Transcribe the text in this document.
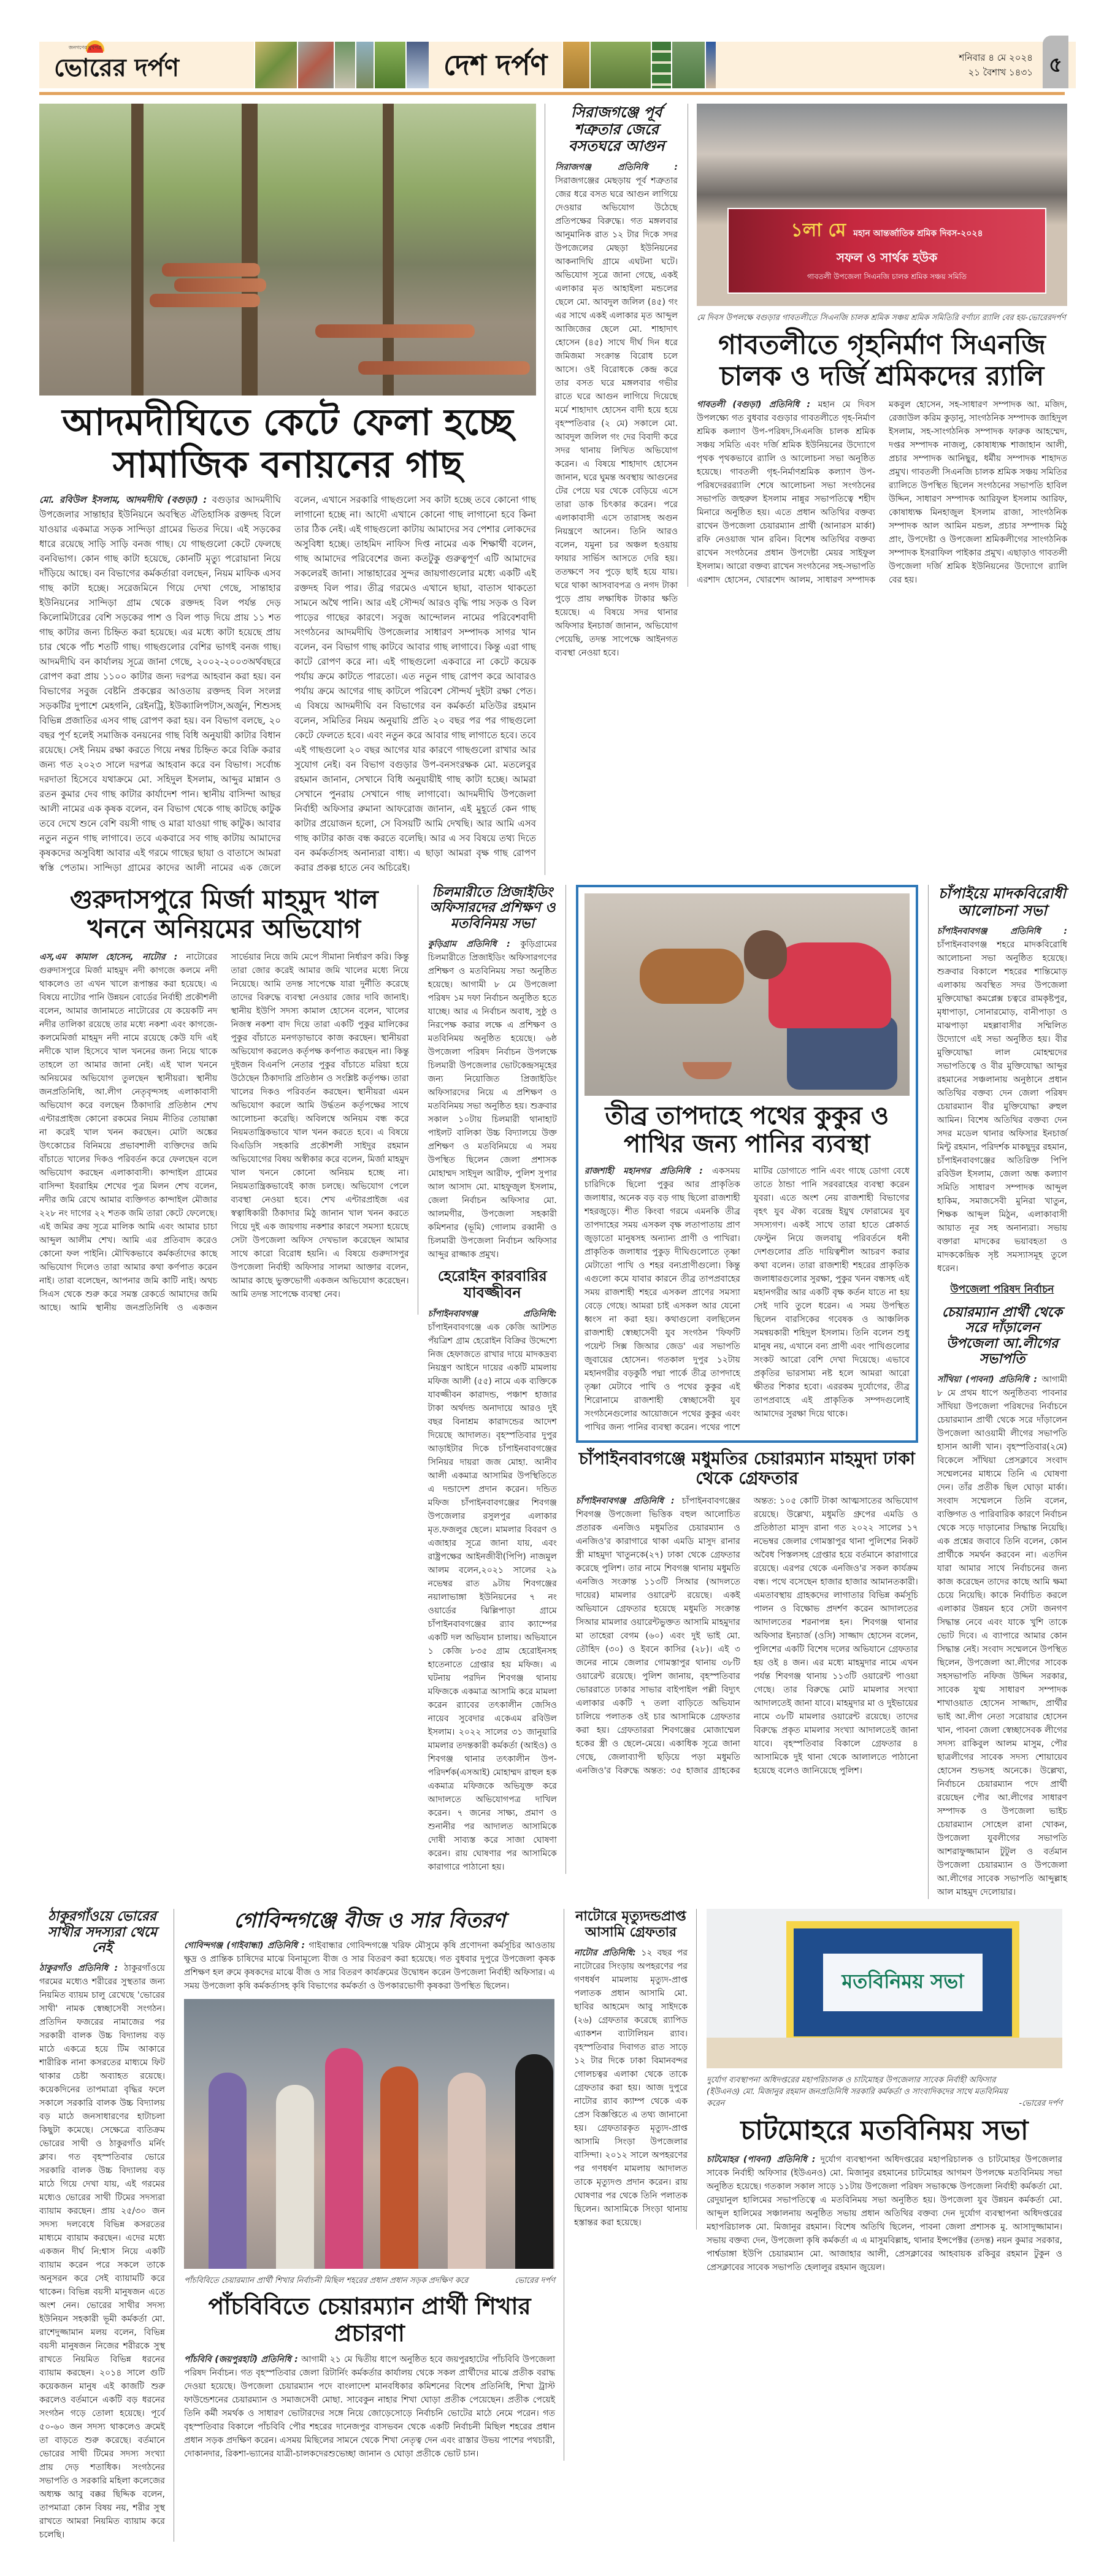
জনগণের মুখপত্র
ভোরের দর্পণ	দেশ দর্পণ	শনিবার ৪ মে ২০২৪
২১ বৈশাখ ১৪৩১ ৫
আদমদীঘিতে কেটে ফেলা হচ্ছে সামাজিক বনায়নের গাছ
মো. রবিউল ইসলাম, আদমদীঘি (বগুড়া) : বগুড়ার আদমদীঘি উপজেলার সান্তাহার ইউনিয়নে অবস্থিত ঐতিহাসিক রক্তদহ বিলে যাওয়ার একমাত্র সড়ক সান্দিড়া গ্রামের ভিতর দিয়ে। এই সড়কের ধারে রয়েছে সাড়ি সাড়ি বনজ গাছ। যে গাছগুলো কেটে ফেলছে বনবিভাগ। কোন গাছ কাটা হয়েছে, কোনটি মৃত্যু পরোয়ানা নিয়ে দাঁড়িয়ে আছে। বন বিভাগের কর্মকর্তারা বলছেন, নিয়ম মাফিক এসব গাছ কাটা হচ্ছে। সরেজমিনে গিয়ে দেখা গেছে, সান্তাহার ইউনিয়নের সান্দিড়া গ্রাম থেকে রক্তদহ বিল পর্যন্ত দেড় কিলোমিটারের বেশি সড়কের পাশ ও বিল পাড় দিয়ে প্রায় ১১ শত গাছ কাটার জন্য চিহ্নিত করা হয়েছে। এর মধ্যে কাটা হয়েছে প্রায় চার থেকে পাঁচ শতটি গাছ। গাছগুলোর বেশির ভাগই বনজ গাছ। আদমদীঘি বন কার্যালয় সূত্রে জানা গেছে, ২০০২-২০০৩অর্থবছরে রোপণ করা প্রায় ১১০০ কাটার জন্য দরপত্র আহবান করা হয়। বন বিভাগের সবুজ বেষ্টনি প্রকল্পের আওতায় রক্তদহ বিল সংলগ্ন সড়কটির দুপাশে মেহগনি, রেইনট্রি, ইউক্যালিপটাস,অর্জুন, শিশুসহ বিভিন্ন প্রজাতির এসব গাছ রোপণ করা হয়। বন বিভাগ বলছে, ২০ বছর পূর্ণ হলেই সমাজিক বনয়নের গাছ বিধি অনুযায়ী কাটার বিধান রয়েছে। সেই নিয়ম রক্ষা করতে গিয়ে নম্বর চিহ্নিত করে বিক্রি করার জন্য গত ২০২৩ সালে দরপত্র আহবান করে বন বিভাগ। সর্বোচ্চ দরদাতা হিসেবে যথাক্রমে মো. সহিদুল ইসলাম, আব্দুর মান্নান ও রতন কুমার দেব গাছ কাটার কার্যাদেশ পান। স্থানীয় বাসিন্দা আছর আলী নামের এক কৃষক বলেন, বন বিভাগ থেকে গাছ কাটছে কাটুক তবে দেখে শুনে বেশি বয়সী গাছ ও মারা যাওয়া গাছ কাটুক। আবার নতুন নতুন গাছ লাগাবে। তবে একবারে সব গাছ কাটায় আমাদের কৃষকদের অসুবিধা আবার এই গরমে গাছের ছায়া ও বাতাসে আমরা স্বস্তি পেতাম। সান্দিড়া গ্রামের কাদের আলী নামের এক জেলে বলেন, এখানে সরকারি গাছগুলো সব কাটা হচ্ছে তবে কোনো গাছ লাগানো হচ্ছে না। আদৌ এখানে কোনো গাছ লাগানো হবে কিনা তার ঠিক নেই। এই গাছগুলো কাটায় আমাদের সব পেশার লোকদের অসুবিধা হচ্ছে। তাহমিদ নাফিস দিপ্ত নামের এক শিক্ষার্থী বলেন, গাছ আমাদের পরিবেশের জন্য কতটুকু গুরুত্বপূর্ণ এটি আমাদের সকলেরই জানা। সান্তাহারের সুন্দর জায়গাগুলোর মধ্যে একটি এই রক্তদহ বিল পার। তীব্র গরমেও এখানে ছায়া, বাতাস থাকতো সামনে অথৈ পানি। আর এই সৌন্দর্য আরও বৃদ্ধি পায় সড়ক ও বিল পাড়ের গাছের কারণে। সবুজ আন্দোলন নামের পরিবেশবাদী সংগঠনের আদমদীঘি উপজেলার সাধারণ সম্পাদক সাগর খান বলেন, বন বিভাগ গাছ কাটবে আবার গাছ লাগাবে। কিন্তু এরা গাছ কাটে রোপণ করে না। এই গাছগুলো একবারে না কেটে কয়েক পর্যায় ক্রমে কাটতে পারতো। এত নতুন গাছ রোপণ করে আবারও পর্যায় ক্রমে আগের গাছ কাটলে পরিবেশ সৌন্দর্য দুইটা রক্ষা পেত। এ বিষয়ে আদমদীঘি বন বিভাগের বন কর্মকর্তা মতিউর রহমান বলেন, সমিতির নিয়ম অনুয়ায়ি প্রতি ২০ বছর পর পর গাছগুলো কেটে ফেলতে হবে। এবং নতুন করে আবার গাছ লাগাতে হবে। তবে এই গাছগুলো ২০ বছর আগের যার কারণে গাছগুলো রাখার আর সুযোগ নেই। বন বিভাগ বগুড়ার উপ-বনসংরক্ষক মো. মতলেবুর রহমান জানান, সেখানে বিধি অনুয়ায়ীই গাছ কাটা হচ্ছে। আমরা সেখানে পুনরায় সেখানে গাছ লাগাবো। আদমদীঘি উপজেলা নির্বাহী অফিসার রুমানা আফরোজ জানান, এই মুহূর্তে কেন গাছ কাটার প্রয়োজন হলো, সে বিসয়টি আমি দেখছি। আর আমি এসব গাছ কাটার কাজ বন্ধ করতে বলেছি। আর এ সব বিষয়ে তথ্য দিতে বন কর্মকর্তাসহ অনান্যরা বাধ্য। এ ছাড়া আমরা বৃক্ষ গাছ রোপণ করার প্রকল্প হাতে নেব অচিরেই।
সিরাজগঞ্জে পূর্ব শত্রুতার জেরে বসতঘরে আগুন
সিরাজগঞ্জ প্রতিনিধি : সিরাজগঞ্জের মেছড়ায় পূর্ব শত্রুতার জের ধরে বসত ঘরে আগুন লাগিয়ে দেওয়ার অভিযোগ উঠেছে প্রতিপক্ষের বিরুদ্ধে। গত মঙ্গলবার আনুমানিক রাত ১২ টার দিকে সদর উপজেলের মেছড়া ইউনিয়নের আকনাদিঘি গ্রামে এঘটনা ঘটে। অভিযোগ সূত্রে জানা গেছে, একই এলাকার মৃত আহাইলা মন্ডলের ছেলে মো. আবদুল জলিল (৪৫) গং এর সাথে একই এলাকার মৃত আব্দুল আজিজের ছেলে মো. শাহাদাৎ হোসেন (৪৫) সাথে দীর্ঘ দিন ধরে জমিজমা সংক্রান্ত বিরোধ চলে আসে। ওই বিরোধকে কেন্দ্র করে তার বসত ঘরে মঙ্গলবার গভীর রাতে ঘরে আগুন লাগিয়ে দিয়েছে মর্মে শাহাদাৎ হোসেন বাদী হয়ে হয়ে বৃহস্পতিবার (২ মে) সকালে মো. আবদুল জলিল গং দের বিবাদী করে সদর থানায় লিখিত অভিযোগ করেন। এ বিষয়ে শাহাদাৎ হোসেন জানান, ঘরে ঘুমন্ত অবস্থায় আগুনের টের পেয়ে ঘর থেকে বেড়িয়ে এসে তারা ডাক চিৎকার করেন। পরে এলাকাবাসী এসে তারাসহ অগুন নিয়ন্ত্রণে আনেন। তিনি আরও বলেন, যমুনা চর অঞ্চল হওয়ায় ফায়ার সার্ভিস আসতে দেরি হয়। ততক্ষণে সব পুড়ে ছাই হয়ে যায়। ঘরে থাকা আসবাবপত্র ও নগদ টাকা পুড়ে প্রায় লক্ষাধিক টাকার ক্ষতি হয়েছে। এ বিষয়ে সদর থানার অফিসার ইনচার্জ জানান, অভিযোগ পেয়েছি, তদন্ত সাপেক্ষে আইনগত ব্যবস্থা নেওয়া হবে।
১লা মে মহান আন্তর্জাতিক শ্রমিক দিবস-২০২৪
সফল ও সার্থক হউক
গাবতলী উপজেলা সিএনজি চালক শ্রমিক সঞ্চয় সমিতি
মে দিবস উপলক্ষে বগুড়ার গাবতলীতে সিএনজি চালক শ্রমিক সঞ্চয় শ্রমিক সমিতিরি বর্ণাঢ্য র‌্যালি বের হয়-ভোরেরদর্পণ
গাবতলীতে গৃহনির্মাণ সিএনজি চালক ও দর্জি শ্রমিকদের র‌্যালি
গাবতলী (বগুড়া) প্রতিনিধি : মহান মে দিবস উপলক্ষ্যে গত বুধবার বগুড়ার গাবতলীতে গৃহ-নির্মাণ শ্রমিক কল্যাণ উপ-পরিষদ,সিএনজি চালক শ্রমিক সঞ্চয় সমিতি এবং দর্জি শ্রমিক ইউনিয়নের উদ্যোগে পৃথক পৃথকভাবে র‌্যালি ও আলোচনা সভা অনুষ্ঠিত হয়েছে। গাবতলী গৃহ-নির্মাণশ্রমিক কল্যাণ উপ-পরিষদেররর‌্যালি শেষে আলোচনা সভা সংগঠনের সভাপতি জহুরুল ইসলাম নান্নুর সভাপতিত্বে শহীদ মিনারে অনুষ্ঠিত হয়। এতে প্রধান অতিথির বক্তব্য রাখেন উপজেলা চেয়ারম্যান প্রার্থী (আনারস মার্কা) রফি নেওয়াজ খান রবিন। বিশেষ অতিথির বক্তব্য রাখেন সংগঠনের প্রধান উপদেষ্টা মেয়র সাইফুল ইসলাম। আরো বক্তব্য রাখেন সংগঠনের সহ-সভাপতি এরশাদ হোসেন, খোরশেদ আলম, সাধারণ সম্পাদক মকবুল হোসেন, সহ-সাধারণ সম্পাদক আ. মজিদ, রেজাউল করিম কুড়ানু, সাংগঠনিক সম্পাদক জাহিদুল ইসলাম, সহ-সাংগঠনিক সম্পাদক ফারুক আহম্মেদ, দপ্তর সম্পাদক নাজলু, কোষাধ্যক্ষ শাজাহান আলী, প্রচার সম্পাদক আনিছুর, ধর্মীয় সম্পাদক শাহাদত প্রমুখ। গাবতলী সিএনজি চালক শ্রমিক সঞ্চয় সমিতির র‌্যালিতে উপস্থিত ছিলেন সংগঠনের সভাপতি হাবিল উদ্দিন, সাধারণ সম্পাদক আরিফুল ইসলাম আরিফ, কোষাধ্যক্ষ মিনহাজুল ইসলাম রাজা, সাংগঠনিক সম্পাদক আল আমিন মন্ডল, প্রচার সম্পাদক মিঠু প্রাং, উপদেষ্টা ও উপজেলা শ্রমিকলীগের সাংগঠনিক সম্পাদক ইসরাফিল পাইকার প্রমুখ। এছাড়াও গাবতলী উপজেলা দর্জি শ্রমিক ইউনিয়নের উদ্যোগে র‌্যালি বের হয়।
গুরুদাসপুরে মির্জা মাহমুদ খাল খননে অনিয়মের অভিযোগ
এস,এম কামাল হোসেন, নাটোর : নাটোরের গুরুদাসপুরে মির্জা মাহমুদ নদী কাগজে কলমে নদী থাকলেও তা এখন খালে রূপান্তর করা হয়েছে। এ বিষয়ে নাটোর পানি উন্নয়ন বোর্ডের নির্বাহী প্রকৌশলী বলেন, আমার জানামতে নাটোরের যে কয়েকটি নদ নদীর তালিকা রয়েছে তার মধ্যে নকশা এবং কাগজে-কলমেমির্জা মাহমুদ নদী নামে রয়েছে কেউ যদি এই নদীকে খাল হিসেবে খাল খননের জন্য নিয়ে থাকে তাহলে তা আমার জানা নেই। এই খাল খননে অনিয়মের অভিযোগ তুলছেন স্থানীয়রা। স্থানীয় জনপ্রতিনিধি, আ.লীগ নেতৃবৃন্দসহ এলাকাবাসী অভিযোগ করে বলছেন ঠিকাদারি প্রতিষ্ঠান শেখ এন্টারপ্রাইজ কোনো রকমের নিয়ম নীতির তোয়াক্কা না করেই খাল খনন করছেন। মোটা অঙ্কের উৎকোচের বিনিময়ে প্রভাবশালী ব্যক্তিদের জমি বাঁচাতে খালের দিকও পরিবর্তন করে ফেলছেন বলে অভিযোগ করছেন এলাকাবাসী। কান্দাইল গ্রামের বাসিন্দা ইবরাহিম শেখের পুত্র মিলন শেখ বলেন, নদীর জমি রেখে আমার ব্যক্তিগত কান্দাইল মৌজার ২২৮ নং দাগের ২২ শতক জমি তারা কেটে ফেলেছে। এই জমির ক্রয় সূত্রে মালিক আমি এবং আমার চাচা আব্দুল আলীম শেখ। আমি এর প্রতিবাদ করেও কোনো ফল পাইনি। মৌখিকভাবে কর্মকর্তাদের কাছে অভিযোগ দিলেও তারা আমার কথা কর্ণপাত করেন নাই। তারা বলেছেন, আপনার জমি কাটি নাই। অথচ সিএস থেকে শুরু করে সমস্ত রেকর্ডে আমাদের জমি আছে। আমি স্থানীয় জনপ্রতিনিধি ও একজন সার্ভেয়ার নিয়ে জমি মেপে সীমানা নির্ধারণ করি। কিন্তু তারা জোর করেই আমার জমি খালের মধ্যে নিয়ে নিয়েছে। আমি তদন্ত সাপেক্ষে যারা দুর্নীতি করেছে তাদের বিরুদ্ধে ব্যবস্থা নেওয়ার জোর দাবি জানাই। স্থানীয় ইউপি সদস্য কামাল হোসেন বলেন, খালের নিজস্ব নকশা বাদ দিয়ে তারা একটি পুকুর মালিকের পুকুর বাঁচাতে মনগড়াভাবে কাজ করছেন। স্থানীয়রা অভিযোগ করলেও কর্তৃপক্ষ কর্ণপাত করছেন না। কিন্তু দুইজন বিএনপি নেতার পুকুর বাঁচাতে মরিয়া হয়ে উঠেছেন ঠিকাদারি প্রতিষ্ঠান ও সংশ্লিষ্ট কর্তৃপক্ষ। তারা খালের দিকও পরিবর্তন করছেন। স্থানীয়রা এমন অভিযোগ করলে আমি উর্দ্ধতন কর্তৃপক্ষের সাথে আলোচনা করেছি। অবিলম্বে অনিয়ম বন্ধ করে নিয়মতান্ত্রিকভাবে খাল খনন করতে হবে। এ বিষয়ে বিএডিসি সহকারি প্রকৌশলী সাইদুর রহমান অভিযোগের বিষয় অস্বীকার করে বলেন, মির্জা মাহমুদ খাল খননে কোনো অনিয়ম হচ্ছে না। নিয়মতান্ত্রিকভাবেই কাজ চলছে। অভিযোগ পেলে ব্যবস্থা নেওয়া হবে। শেখ এন্টারপ্রাইজ এর স্বত্বাধিকারী ঠিকাদার মিঠু জানান খাল খনন করতে গিয়ে দুই এক জায়গায় নকশার কারণে সমস্যা হয়েছে সেটা উপজেলা অফিস দেখভাল করেছেন আমার সাথে কারো বিরোধ হয়নি। এ বিষয়ে গুরুদাসপুর উপজেলা নির্বাহী অফিসার সালমা আক্তার বলেন, আমার কাছে ভুক্তভোগী একজন অভিযোগ করেছেন। আমি তদন্ত সাপেক্ষে ব্যবস্থা নেব।
চিলমারীতে প্রিজাইডিং অফিসারদের প্রশিক্ষণ ও মতবিনিময় সভা
কুড়িগ্রাম প্রতিনিধি : কুড়িগ্রামের চিলমারীতে প্রিজাইডিং অফিসারগণের প্রশিক্ষণ ও মতবিনিময় সভা অনুষ্ঠিত হয়েছে। আগামী ৮ মে উপজেলা পরিষদ ১ম দফা নির্বাচন অনুষ্ঠিত হতে যাচ্ছে। আর এ নির্বাচন অবাধ, সুষ্ঠু ও নিরপেক্ষ করার লক্ষে এ প্রশিক্ষণ ও মতবিনিময় অনুষ্ঠিত হয়েছে। ৬ষ্ঠ উপজেলা পরিষদ নির্বাচন উপলক্ষে চিলমারী উপজেলার ভোটকেন্দ্রসমূহের জন্য নিয়োজিত প্রিজাইডিং অফিসারদের নিয়ে এ প্রশিক্ষণ ও মতবিনিময় সভা অনুষ্ঠিত হয়। শুক্রবার সকাল ১০টায় চিলমারী থানাহাট পাইলট বালিকা উচ্চ বিদ্যালয়ে উক্ত প্রশিক্ষণ ও মতবিনিময়ে এ সময় উপস্থিত ছিলেন জেলা প্রশাসক মোহাম্মদ সাইদুল আরীফ, পুলিশ সুপার আল আসাদ মো. মাহফুজুল ইসলাম, জেলা নির্বাচন অফিসার মো. আলমগীর, উপজেলা সহকারী কমিশনার (ভূমি) গোলাম রব্বানী ও চিলমারী উপজেলা নির্বাচন অফিসার আব্দুর রাজ্জাক প্রমুখ।
হেরোইন কারবারির যাবজ্জীবন
চাঁপাইনবাবগঞ্জ প্রতিনিধি: চাঁপাইনবাবগঞ্জে এক কেজি আটশত পঁয়ত্রিশ গ্রাম হেরোইন বিক্রির উদ্দেশ্যে নিজ হেফাজতে রাখার দায়ে মাদকদ্রব্য নিয়ন্ত্রণ আইনে দায়ের একটি মামলায় মফিজ আলী (৫৫) নামে এক ব্যক্তিকে যাবজ্জীবন কারাদন্ড, পঞ্চাশ হাজার টাকা অর্থদন্ড অনাদায়ে আরও দুই বছর বিনাশ্রম কারাদন্ডের আদেশ দিয়েছে আদালত। বৃহস্পতিবার দুপুর আড়াইটার দিকে চাঁপাইনবাবগঞ্জের সিনিয়র দায়রা জজ মোহা. আনীব আলী একমাত্র আসামির উপস্থিতিতে এ দন্ডাদেশ প্রদান করেন। দন্ডিত মফিজ চাঁপাইনবাবগঞ্জের শিবগঞ্জ উপজেলার রসুলপুর এলাকার মৃত.ফজলুর ছেলে। মামলার বিবরণ ও এজাহার সূত্রে জানা যায়, এবং রাষ্ট্রপক্ষের আইনজীবী(পিপি) নাজমুল আলম বলেন,২০২১ সালের ২৯ নভেম্বর রাত ৯টায় শিবগঞ্জের নয়ালাভাঙ্গা ইউনিয়নের ৭ নং ওয়ার্ডের ঝিল্লিপাড়া গ্রামে চাঁপাইনবাবগঞ্জের র‌্যাব ক্যাম্পের একটি দল অভিযান চালায়। অভিযানে ১ কেজি ৮৩৫ গ্রাম হেরোইনসহ হাতেনাতে গ্রেপ্তার হয় মফিজ। এ ঘটনায় পরদিন শিবগঞ্জ থানায় মফিজকে একমাত্র আসামি করে মামলা করেন র‌্যাবের তৎকালীন জেসিও নায়েব সুবেদার একেএম রবিউল ইসলাম। ২০২২ সালের ৩১ জানুয়ারি মামলার তদন্তকারী কর্মকর্তা (আইও) ও শিবগঞ্জ থানার তৎকালীন উপ-পরিদর্শক(এসআই) মোহাম্মদ রাহুল হক একমাত্র মফিজকে অভিযুক্ত করে আদালতে অভিযোগপত্র দাখিল করেন। ৭ জনের সাক্ষ্য, প্রমাণ ও শুনানীর পর আদালত আসামিকে দোষী সাব্যস্ত করে সাজা ঘোষণা করেন। রায় ঘোষণার পর আসামিকে কারাগারে পাঠানো হয়।
তীব্র তাপদাহে পথের কুকুর ও পাখির জন্য পানির ব্যবস্থা
রাজশাহী মহানগর প্রতিনিধি : একসময় চারিদিকে ছিলো পুকুর আর প্রাকৃতিক জলাধার, অনেক বড় বড় গাছ ছিলো রাজশাহী শহরজুড়ে। শীত কিংবা গরমে এমনকি তীব্র তাপদাহের সময় এসকল বৃক্ষ লতাপাতায় প্রাণ জুড়াতো মানুষসহ অন্যান্য প্রাণী ও পাখিরা। প্রাকৃতিক জলাধার পুকুড় দীঘিগুলোতে তৃষ্ণা মেটাতো পাখি ও শহর বন্যপ্রাণীগুলো। কিন্তু এগুলো কমে যাবার কারনে তীব্র তাপপ্রবাহের সময় রাজশাহী শহরে এসকল প্রাণের সমস্যা বেড়ে গেছে। আমরা চাই এসকল আর যেনো ধ্বংস না করা হয়। কথাগুলো বলছিলেন রাজশাহী স্বেচ্ছাসেবী যুব সংগঠন 'ফিফটি পয়েন্ট সিক্স জিআর জেড' এর সভাপতি জুবায়ের হোসেন। গতকাল দুপুর ১২টায় মহানগরীর বড়কুঠি পদ্মা পার্কে তীব্র তাপদাহে তৃষ্ণা মেটাবে পাখি ও পথের কুকুর এই শিরোনামে রাজশাহী স্বেচ্ছাসেবী যুব সংগঠনেগুলোর আয়োজনে পথের কুকুর এবং পাখির জন্য পানির ব্যবস্থা করেন। পথের পাশে মাটির ডোগাতে পানি এবং গাছে ডোগা বেধে তাতে ঠান্ডা পানি সরবরাহের ব্যবস্থা করেন যুবরা। এতে অংশ নেয় রাজশাহী বিভাগের বৃহৎ যুব ঐক্য বরেন্দ্র ইয়ুথ ফোরামের যুব সদস্যগণ। একই সাথে তারা হাতে প্লেকার্ড ফেস্টুন নিয়ে জলবায়ু পরিবর্তনে ধনী দেশগুলোর প্রতি দায়িত্বশীল আচরণ করার কথা বলেন। তারা রাজশাহী শহরের প্রাকৃতিক জলাধারগুলোর সুরক্ষা, পুকুর খনন বন্ধসহ এই মহানগরীর আর একটি বৃক্ষ কর্তন যাতে না হয় সেই দাবি তুলে ধরেন। এ সময় উপস্থিত ছিলেন বারসিকের গবেষক ও আঞ্চলিক সমন্বয়কারী শহিদুল ইসলাম। তিনি বলেন শুধু মানুষ নয়, এখানে বন্য প্রাণী এবং পাখিগুলোর সংকট আরো বেশি দেখা দিয়েছে। এভাবে প্রকৃতির ভারসাম্য নষ্ট হলে আমরা আরো ক্ষীতর শিকার হবো। এররকম দুর্যোগের, তীব্র তাপপ্রবাহে এই প্রাকৃতিক সম্পদগুলোই আমাদের সুরক্ষা দিয়ে থাকে।
চাঁপাইনবাবগঞ্জে মধুমতির চেয়ারম্যান মাহমুদা ঢাকা থেকে গ্রেফতার
চাঁপাইনবাবগঞ্জ প্রতিনিধি : চাঁপাইনবাবগঞ্জের শিবগঞ্জ উপজেলা ভিত্তিক বহুল আলোচিত প্রতারক এনজিও মধুমতির চেয়ারম্যান ও এনজিও'র কারাগারে থাকা এমডি মাসুদ রানার স্ত্রী মাহমুদা খাতুনকে(২৭) ঢাকা থেকে গ্রেফতার করেছে পুলিশ। তার নামে শিবগঞ্জ থানায় মধুমতি এনজিও সংক্রান্ত ১১৩টি সিআর (আদলতে দায়ের) মামলার ওয়ারেন্ট রয়েছে। একই অভিযানে গ্রেফতার হয়েছে মধুমতি সংক্রান্ত সিআর মামলার ওয়ারেন্টভুক্তত আসামি মাহমুদার মা তাহেরা বেগম (৬০) এবং দুই ভাই মো. তৌহিদ (৩০) ও ইবনে কাসির (২৮)। এই ৩ জনের নামে জেলার গোমস্তাপুর থানায় ৩৮টি ওয়ারেন্ট রয়েছে। পুলিশ জানায়, বৃহস্পতিবার ভোররাতে ঢাকার সাভার বাইপাইল পল্লী বিদ্যুৎ এলাকার একটি ৭ তলা বাড়িতে অভিযান চালিয়ে পলাতক ওই চার আসামিকে গ্রেফতার করা হয়। গ্রেফতাররা শিবগঞ্জের মোজাম্মেল হকের স্ত্রী ও ছেলে-মেয়ে। একাধিক সূত্রে জানা গেছে, জেলাব্যাপী ছড়িয়ে পড়া মধুমতি এনজিও'র বিরুদ্ধে অন্তত: ৩৫ হাজার গ্রাহকের অন্তত: ১০৫ কোটি টাকা আত্মসাতের অভিযোগ রয়েছে। উল্লেখ্য, মধুমতি গ্রুপের এমডি ও প্রতিষ্ঠাতা মাসুদ রানা গত ২০২২ সালের ১৭ নভেম্বর জেলার গোমস্তাপুর থানা পুলিশের নিকট অবৈধ পিস্তলসহ গ্রেপ্তার হয়ে বর্তমানে কারাগারে রয়েছে। এরপর থেকে এনজিও'র সকল কার্যক্রম বন্ধ। পথে বসেছেন হাজার হাজার আমানতকারী। এমতাবস্থায় গ্রাহকদের লাগাতার বিভিন্ন কর্মসূচি পালন ও বিক্ষোভ প্রদর্শণ করেন আদালতের আদালতের শরনাপন্ন হন। শিবগঞ্জ থানার অফিসার ইনচার্জ (ওসি) সাজ্জাদ হোসেন বলেন, পুলিশের একটি বিশেষ দলের অভিযানে গ্রেফতার হয় ওই ৪ জন। এর মধ্যে মাহমুদার নামে এখন পর্যন্ত শিবগঞ্জ থানায় ১১৩টি ওয়ারেন্ট পাওয়া গেছে। তার বিরুদ্ধে মোট মামলার সংখ্যা আদালতেই জানা যাবে। মাহমুদার মা ও দুইভায়ের নামে ৩৮টি মামলার ওয়ারেন্ট রয়েছে। তাদের বিরুদ্ধে প্রকৃত মামলার সংখ্যা আদালতেই জানা যাবে। বৃহস্পতিবার বিকালে গ্রেফতার ৪ আসামিকে দুই থানা থেকে আলালতে পাঠানো হয়েছে বলেও জানিয়েছে পুলিশ।
চাঁপাইয়ে মাদকবিরোধী আলোচনা সভা
চাঁপাইনবাবগঞ্জ প্রতিনিধি : চাঁপাইনবাবগঞ্জ শহরে মাদকবিরোধি আলোচনা সভা অনুষ্ঠিত হয়েছে। শুক্রবার বিকালে শহরের শান্তিমোড় এলাকায় অবস্থিত সদর উপজেলা মুক্তিযোদ্ধা কমপ্লেক্স চত্বরে রামকৃষ্টপুর, মৃধাপাড়া, সোনারমোড়, বানীপাড়া ও মাঝপাড়া মহল্লাবাসীর সম্মিলিত উদ্যোগে এই সভা অনুষ্ঠিত হয়। বীর মুক্তিযোদ্ধা লাল মোহম্মদের সভাপতিত্বে ও বীর মুক্তিযোদ্ধা আব্দুর রহমানের সঞ্চলানায় অনুষ্ঠানে প্রধান অতিথির বক্তব্য দেন জেলা পরিষদ চেয়ারম্যান বীর মুক্তিযোদ্ধা রুহুল আমিন। বিশেষ অতিথির বক্তব্য দেন সদর মডেল থানার অফিসার ইনচার্জ মিন্টু রহমান, পরিদর্শক মাকছুদুর রহমান, চাঁপাইনবাবগঞ্জের অতিরিক্ত পিপি রবিউল ইসলাম, জেলা অন্ধ কল্যাণ সমিতি সাধারণ সম্পাদক আব্দুল হাকিম, সমাজসেবী মুনিরা খাতুন, শিক্ষক আব্দুল মিঠুন, এলাকাবাসী আয়াত নূর সহ অনান্যরা। সভায় বক্তারা মাদকের ভয়াবহতা ও মাদককেন্দ্রিক সৃষ্ট সমস্যাসমূহ তুলে ধরেন।
উপজেলা পরিষদ নির্বাচন
চেয়ারম্যান প্রার্থী থেকে সরে দাঁড়ালেন উপজেলা আ.লীগের সভাপতি
সাঁথিয়া (পাবনা) প্রতিনিধি : আগামী ৮ মে প্রথম ধাপে অনুষ্ঠিতব্য পাবনার সাঁথিয়া উপজেলা পরিষদের নির্বাচনে চেয়ারম্যান প্রার্থী থেকে সরে দাঁড়ালেন উপজেলা আওয়ামী লীগের সভাপতি হাসান আলী খান। বৃহস্পতিবার(২মে) বিকেলে সাঁথিয়া প্রেসক্লাবে সংবাদ সম্মেলনের মাধ্যমে তিনি এ ঘোষণা দেন। তাঁর প্রতীক ছিল ঘোড়া মার্কা। সংবাদ সম্মেলনে তিনি বলেন, ব্যক্তিগত ও পারিবারিক কারণে নির্বাচন থেকে সড়ে দাড়ানোর সিদ্ধান্ত নিয়েছি। এক প্রশ্নের জবাবে তিনি বলেন, কোন প্রার্থীকে সমর্থন করবেন না। এতদিন যারা আমার সাথে নির্বাচনের জন্য কাজ করেছেন তাদের কাছে আমি ক্ষমা চেয়ে নিয়েছি। কাকে নির্বাচিত করলে এলাকার উন্নয়ন হবে সেটা জনগণ সিদ্ধান্ত নেবে এবং যাকে খুশি তাকে ভোট দিবে। এ ব্যাপারে আমার কোন সিদ্ধান্ত নেই। সংবাদ সম্মেলনে উপস্থিত ছিলেন, উপজেলা আ.লীগের সাবেক সহসভাপতি নফিজ উদ্দিন সরকার, সাবেক যুগ্ম সাধারণ সম্পাদক শাখাওয়াত হোসেন সাজ্জাদ, প্রার্থীর ভাই আ.লীগ নেতা সরোয়ার হোসেন খান, পাবনা জেলা স্বেচ্ছাসেবক লীগের সদস্য রাকিবুল আলম মাসুম, পৌর ছাত্রলীগের সাবেক সদস্য শোয়ায়েব হোসেন শুভসহ অনেকে। উল্লেখ্য, নির্বাচনে চেয়ারম্যান পদে প্রার্থী রয়েছেন পৌর আ.লীগের সাধারণ সম্পাদক ও উপজেলা ভাইচ চেয়ারম্যান সোহেল রানা খোকন, উপজেলা যুবলীগের সভাপতি আশরাফুজ্জামান টুটুল ও বর্তমান উপজেলা চেয়ারম্যান ও উপজেলা আ.লীগের সাবেক সভাপতি আব্দুল্লাহ আল মাহমুদ দেলোয়ার।
ঠাকুরগাঁওয়ে ভোরের সাথীর সদস্যরা থেমে নেই
ঠাকুরগাঁও প্রতিনিধি : ঠাকুরগাঁওয়ে গরমের মধ্যেও শরীরের সুস্থতার জন্য নিয়মিত ব্যায়ম চালু রেখেছে 'ভোরের সাথী' নামক স্বেচ্ছাসেবী সংগঠন। প্রতিদিন ফজরের নামাজের পর সরকারী বালক উচ্চ বিদ্যালয় বড় মাঠে একত্রে হয়ে টিম আকারে শারীরিক নানা কসরতের মাধ্যমে ফিট থাকার চেষ্টা অব্যাহত রয়েছে। কয়েকদিনের তাপমাত্রা বৃদ্ধির ফলে সকালে সরকারি বালক উচ্চ বিদ্যালয় বড় মাঠে জনসাধারণের হাটাচলা কিছুটা কমেছে। সেক্ষেত্রে ব্যতিক্রম ভোরের সাথী ও ঠাকুরগাঁও মর্নিং ক্লাব। গত বৃহস্পতিবার ভোরে সরকারি বালক উচ্চ বিদ্যালয় বড় মাঠে গিয়ে দেখা যায়, এই গরমের মধ্যেও ভোরের সাথী টিমের সদস্যরা ব্যায়াম করছেন। প্রায় ২৫/৩০ জন সদস্য দলবেধে বিভিন্ন কসরতের মাধ্যমে ব্যায়াম করছেন। এদের মধ্যে একজন দীর্ঘ নি:শ্বাস নিয়ে একটি ব্যায়াম করেন পরে সকলে তাকে অনুসরন করে সেই ব্যায়ামটি করে থাকেন। বিভিন্ন বয়সী মানুষজন এতে অংশ নেন। ভোরের সাথীর সদস্য ইউনিয়ন সহকারী ভূমী কর্মকর্তা মো. রাশেদুজ্জামান মলয় বলেন, বিভিন্ন বয়সী মানুষজন নিজের শরীরকে সুস্থ রাখতে নিয়মিত বিভিন্ন ধরনের ব্যায়াম করছেন। ২০১৪ সালে গুটি কয়েকজন মানুষ এই কাজটি শুরু করলেও বর্তমানে একটি বড় ধরনের সংগঠন গড়ে তোলা হয়েছে। পূর্বে ৫০-৬০ জন সদস্য থাকলেও ক্রমেই তা বাড়তে শুরু করেছে। বর্তমানে ভোরের সাথী টিমের সদস্য সংখ্যা প্রায় দেড় শতাধিক। সংগঠনের সভাপতি ও সরকারি মহিলা কলেজের অধ্যক্ষ আবু বক্কর ছিদ্দিক বলেন, তাপমাত্রা কোন বিষয় নয়, শরীর সুস্থ রাখতে আমরা নিয়মিত ব্যায়াম করে চলেছি।
গোবিন্দগঞ্জে বীজ ও সার বিতরণ
গোবিন্দগঞ্জ (গাইবান্ধা) প্রতিনিধি : গাইবান্ধার গোবিন্দগঞ্জে খরিফ মৌসুমে কৃষি প্রণোদনা কর্মসূচির আওতায় ক্ষুদ্র ও প্রান্তিক চাষিদের মাঝে বিনামূল্যে বীজ ও সার বিতরণ করা হয়েছে। গত বুধবার দুপুরে উপজেলা কৃষক প্রশিক্ষণ হল রুমে কৃষকদের মাঝে বীজ ও সার বিতরণ কার্যক্রমের উদ্বোধন করেন উপজেলা নির্বাহী অফিসার। এ সময় উপজেলা কৃষি কর্মকর্তাসহ কৃষি বিভাগের কর্মকর্তা ও উপকারভোগী কৃষকরা উপস্থিত ছিলেন।
পাঁচবিবিতে চেয়ারম্যান প্রার্থী শিখার নির্বাচনী মিছিল শহরের প্রধান প্রধান সড়ক প্রদক্ষিণ করে	ভোরের দর্পণ
পাঁচবিবিতে চেয়ারম্যান প্রার্থী শিখার প্রচারণা
পাঁচবিবি (জয়পুরহাট) প্রতিনিধি : আগামী ২১ মে দ্বিতীয় ধাপে অনুষ্ঠিত হবে জয়পুরহাটের পাঁচবিবি উপজেলা পরিষদ নির্বাচন। গত বৃহস্পতিবার জেলা রিটার্নিং কর্মকর্তার কার্যালয় থেকে সকল প্রার্থীদের মাঝে প্রতীক বরাদ্ধ দেওয়া হয়েছে। উপজেলা চেয়ারম্যান পদে বাংলাদেশ মানবধিকার কমিশনের বিশেষ প্রতিনিধি, শিখা ট্রাস্ট ফাউন্ডেশনের চেয়ারম্যান ও সমাজসেবী মোছা. সাবেকুন নাহার শিখা ঘোড়া প্রতীক পেয়েছেন। প্রতীক পেয়েই তিনি কর্মী সমর্থক ও সাধারণ ভোটারদের সঙ্গে নিয়ে জোড়েসোড়ে নির্বাচনি ভোটের মাঠে নেমে পরেন। গত বৃহস্পতিবার বিকালে পাঁচবিবি পৌর শহরের দানেজপুর বাসভবন থেকে একটি নির্বাচনী মিছিল শহরের প্রধান প্রধান সড়ক প্রদক্ষিণ করেন। এসময় মিছিলের সামনে থেকে শিখা নেতৃত্ব দেন এবং রাস্তার উভয় পাশের পথচারী, দোকানদার, রিকশা-ভ্যানের যাত্রী-চালকদেরশুভেচ্ছা জানান ও ঘোড়া প্রতীকে ভোট চান।
নাটোরে মৃত্যুদন্ডপ্রাপ্ত আসামি গ্রেফতার
নাটোর প্রতিনিধি: ১২ বছর পর নাটোরের সিংড়ায় অপহরণের পর গণধর্ষণ মামলায় মৃত্যুদ-প্রাপ্ত পলাতক প্রধান আসামি মো. ছাবির আহমেদ আবু সাইদকে (২৬) গ্রেফতার করেছে র‌্যাপিড এ্যাকশন ব্যাটালিয়ন র‌্যাব। বৃহস্পতিবার দিবাগত রাত সাড়ে ১২ টার দিকে ঢাকা বিমানবন্দর গোলচত্বর এলাকা থেকে তাকে গ্রেফতার করা হয়। আজ দুপুরে নাটোর র‌্যাব ক্যাম্প থেকে এক প্রেস বিজ্ঞপ্তিতে এ তথ্য জানানো হয়। গ্রেফতারকৃত মৃত্যুদ-প্রাপ্ত আসামি সিংড়া উপজেলার বাসিন্দা। ২০১২ সালে অপহরণের পর গণধর্ষণ মামলায় আদালত তাকে মৃত্যুদণ্ড প্রদান করেন। রায় ঘোষণার পর থেকে তিনি পলাতক ছিলেন। আসামিকে সিংড়া থানায় হস্তান্তর করা হয়েছে।
মতবিনিময় সভা
দুর্যোগ ব্যবস্থাপনা অধিদপ্তরের মহাপরিচালক ও চাটমোহর উপজেলার সাবেক নির্বাহী অফিসার (ইউএনও) মো. মিজানুর রহমান জনপ্রতিনিধি সরকারি কর্মকর্তা ও সাংবাদিকদের সাথে মতবিনিময় করেন	-ভোরের দর্পণ
চাটমোহরে মতবিনিময় সভা
চাটমোহর (পাবনা) প্রতিনিধি : দুর্যোগ ব্যবস্থাপনা অধিদপ্তরের মহাপরিচালক ও চাটমোহর উপজেলার সাবেক নির্বাহী অফিসার (ইউএনও) মো. মিজানুর রহমানের চাটমোহর আগমণ উপলক্ষে মতবিনিময় সভা অনুষ্ঠিত হয়েছে। গতকাল সকাল সাড়ে ১১টায় উপজেলা পরিষদ সভাকক্ষে উপজেলা নির্বাহী কর্মকর্তা মো. রেদুয়ানুল হালিমের সভাপতিত্বে এ মতবিনিময় সভা অনুষ্ঠিত হয়। উপজেলা যুব উন্নয়ন কর্মকর্তা মো. আব্দুল হালিমের সঞ্চালনায় অনুষ্ঠিত সভায় প্রধান অতিথির বক্তব্য দেন দুর্যোগ ব্যবস্থাপনা অধিদপ্তরের মহাপরিচালক মো. মিজানুর রহমান। বিশেষ অতিথি ছিলেন, পাবনা জেলা প্রশাসক মু. আসাদুজ্জামান। সভায় বক্তব্য দেন, উপজেলা কৃষি কর্মকর্তা এ এ মাসুমবিল্লাহ, থানার ইন্সপেক্টর (তদন্ত) নয়ন কুমার সরকার, পার্শ্বডাঙ্গা ইউপি চেয়ারম্যান মো. আজাহার আলী, প্রেসক্লাবের আহবায়ক রকিবুর রহমান টুকুন ও প্রেসক্লাবের সাবেক সভাপতি হেলালুর রহমান জুয়েল।
